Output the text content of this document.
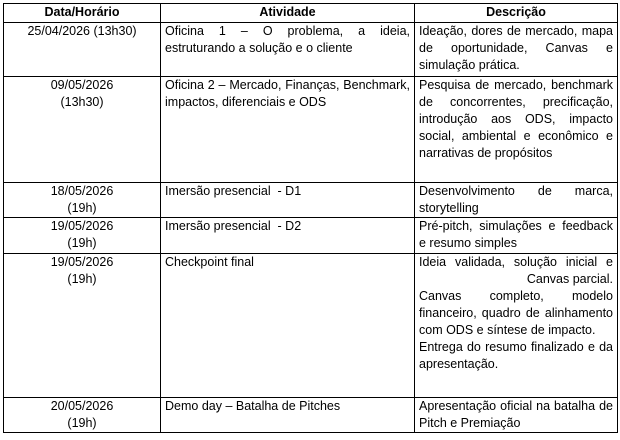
Data/Horário	Atividade	Descrição

25/04/2026 (13h30)	Oficina 1 – O problema, a ideia, estruturando a solução e o cliente	Ideação, dores de mercado, mapa de oportunidade, Canvas e simulação prática.

09/05/2026
(13h30)	Oficina 2 – Mercado, Finanças, Benchmark, impactos, diferenciais e ODS	Pesquisa de mercado, benchmark de concorrentes, precificação, introdução aos ODS, impacto social, ambiental e econômico e narrativas de propósitos

18/05/2026
(19h)	Imersão presencial  - D1	Desenvolvimento de marca, storytelling

19/05/2026
(19h)	Imersão presencial  - D2	Pré-pitch, simulações e feedback e resumo simples

19/05/2026
(19h)	Checkpoint final	Ideia validada, solução inicial e Canvas parcial.
Canvas completo, modelo financeiro, quadro de alinhamento com ODS e síntese de impacto.
Entrega do resumo finalizado e da apresentação.

20/05/2026
(19h)	Demo day – Batalha de Pitches	Apresentação oficial na batalha de Pitch e Premiação
